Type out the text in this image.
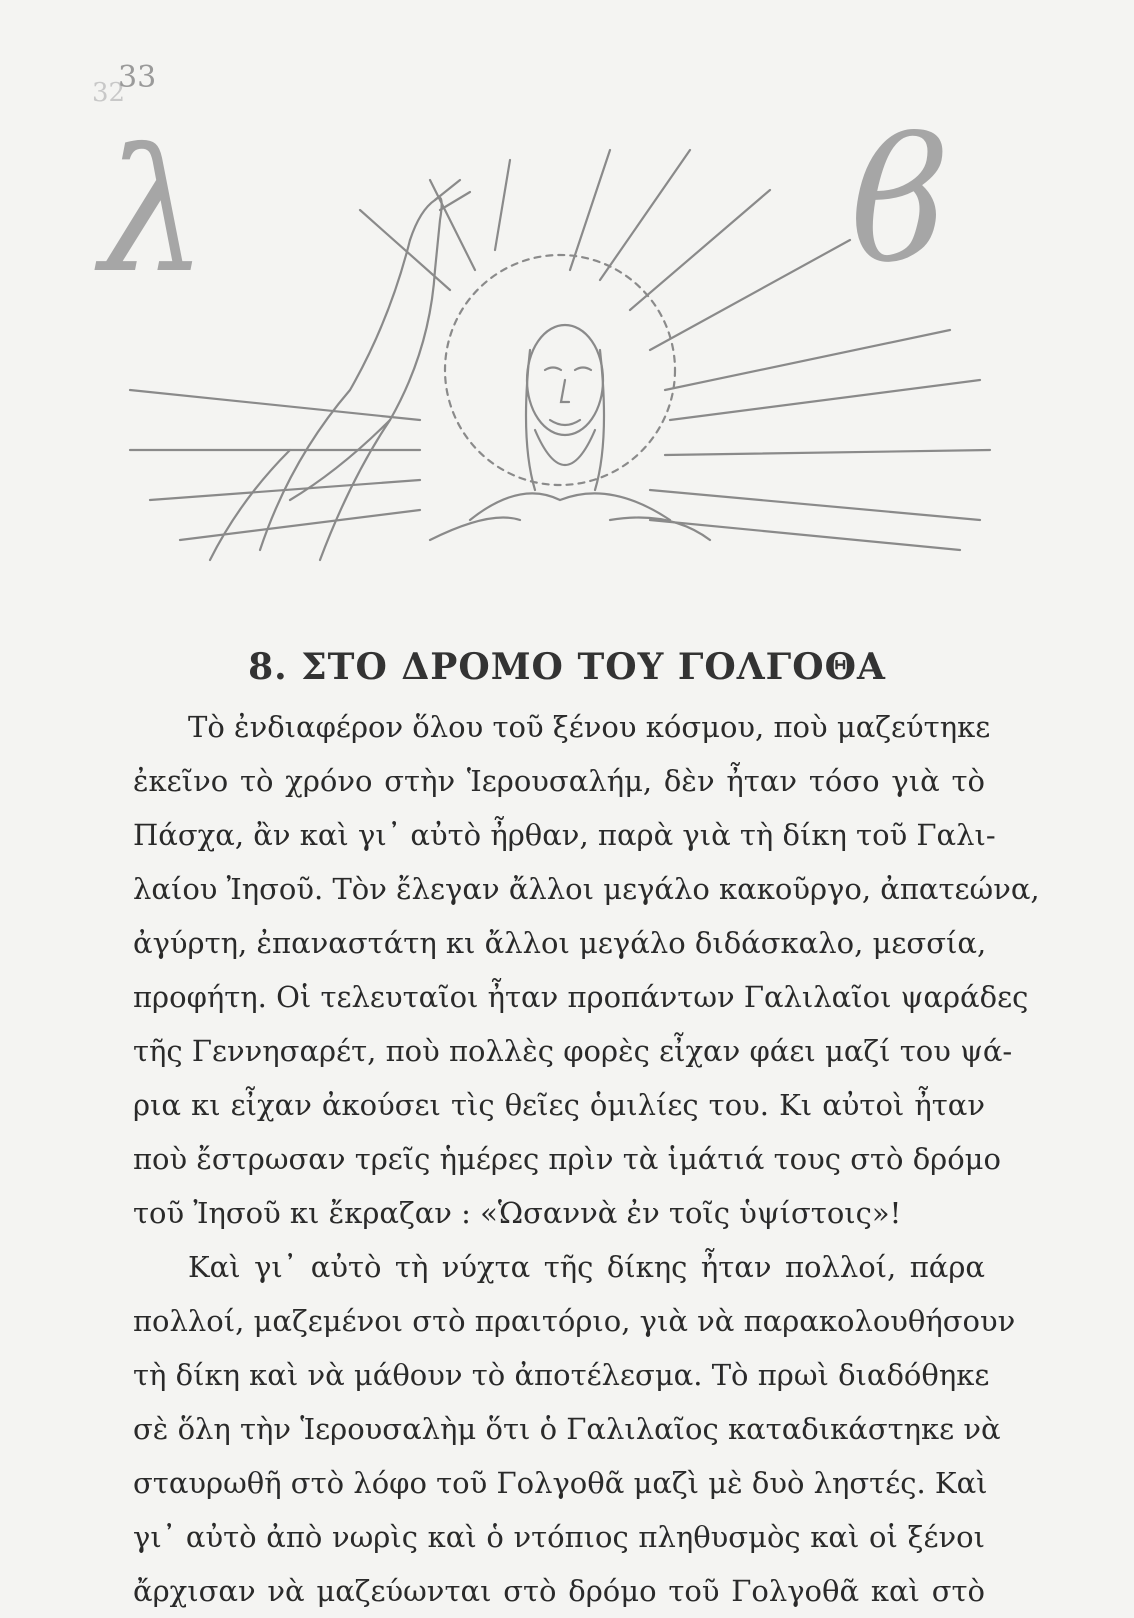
32
33
λ	ϐ
8. ΣΤΟ ΔΡΟΜΟ ΤΟΥ ΓΟΛΓΟΘΑ
Τὸ ἐνδιαφέρον ὅλου τοῦ ξένου κόσμου, ποὺ μαζεύτηκε
ἐκεῖνο τὸ χρόνο στὴν Ἱερουσαλήμ, δὲν ἦταν τόσο γιὰ τὸ
Πάσχα, ἂν καὶ γι᾿ αὐτὸ ἦρθαν, παρὰ γιὰ τὴ δίκη τοῦ Γαλι-
λαίου Ἰησοῦ. Τὸν ἔλεγαν ἄλλοι μεγάλο κακοῦργο, ἀπατεώνα,
ἀγύρτη, ἐπαναστάτη κι ἄλλοι μεγάλο διδάσκαλο, μεσσία,
προφήτη. Οἱ τελευταῖοι ἦταν προπάντων Γαλιλαῖοι ψαράδες
τῆς Γεννησαρέτ, ποὺ πολλὲς φορὲς εἶχαν φάει μαζί του ψά-
ρια κι εἶχαν ἀκούσει τὶς θεῖες ὁμιλίες του. Κι αὐτοὶ ἦταν
ποὺ ἔστρωσαν τρεῖς ἡμέρες πρὶν τὰ ἱμάτιά τους στὸ δρόμο
τοῦ Ἰησοῦ κι ἔκραζαν : «Ὡσαννὰ ἐν τοῖς ὑψίστοις»!
Καὶ γι᾿ αὐτὸ τὴ νύχτα τῆς δίκης ἦταν πολλοί, πάρα
πολλοί, μαζεμένοι στὸ πραιτόριο, γιὰ νὰ παρακολουθήσουν
τὴ δίκη καὶ νὰ μάθουν τὸ ἀποτέλεσμα. Τὸ πρωὶ διαδόθηκε
σὲ ὅλη τὴν Ἱερουσαλὴμ ὅτι ὁ Γαλιλαῖος καταδικάστηκε νὰ
σταυρωθῆ στὸ λόφο τοῦ Γολγοθᾶ μαζὶ μὲ δυὸ ληστές. Καὶ
γι᾿ αὐτὸ ἀπὸ νωρὶς καὶ ὁ ντόπιος πληθυσμὸς καὶ οἱ ξένοι
ἄρχισαν νὰ μαζεύωνται στὸ δρόμο τοῦ Γολγοθᾶ καὶ στὸ
